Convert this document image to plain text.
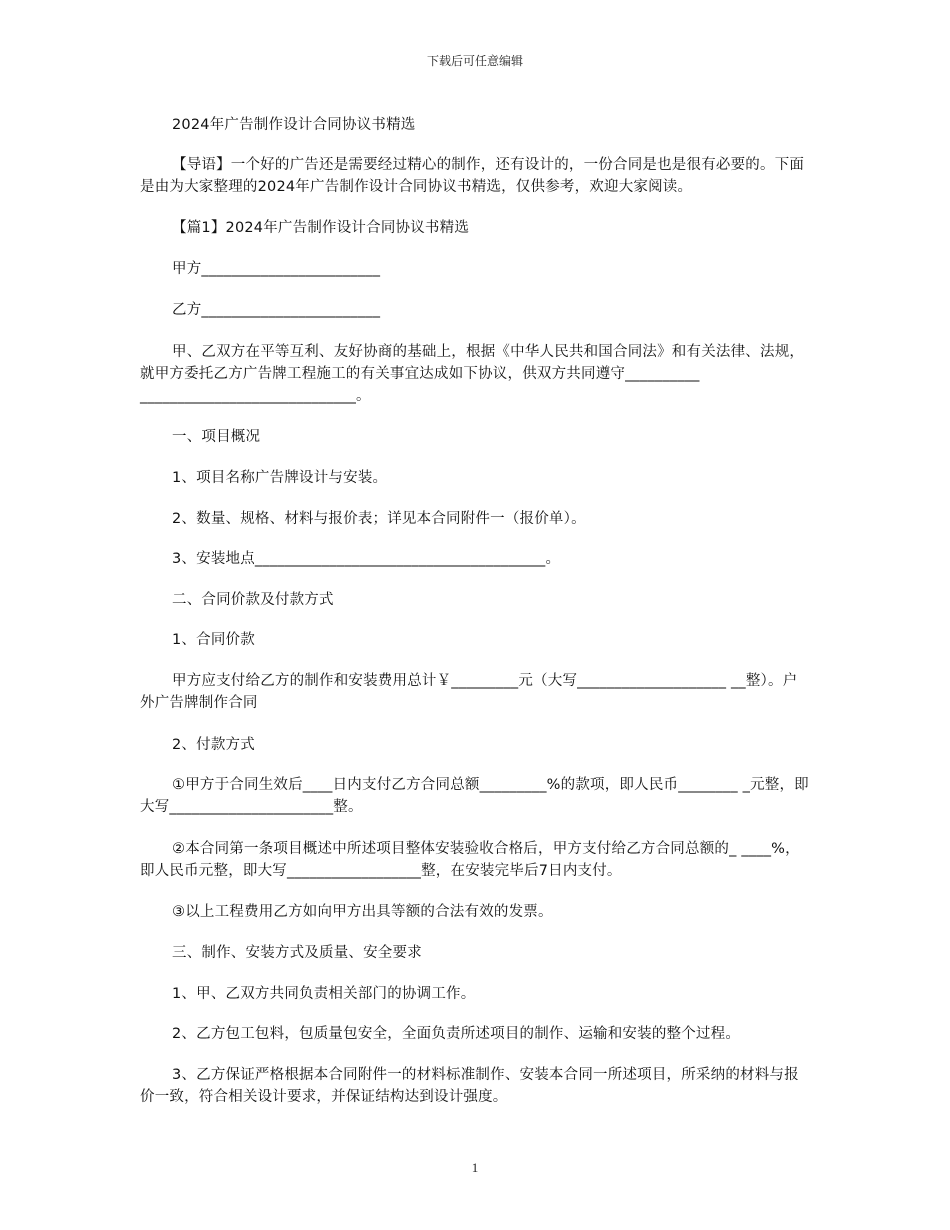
下载后可任意编辑
2024年广告制作设计合同协议书精选
【导语】一个好的广告还是需要经过精心的制作，还有设计的，一份合同是也是很有必要的。下面是由为大家整理的2024年广告制作设计合同协议书精选，仅供参考，欢迎大家阅读。
【篇1】2024年广告制作设计合同协议书精选
甲方________________________
乙方________________________
甲、乙双方在平等互利、友好协商的基础上，根据《中华人民共和国合同法》和有关法律、法规，就甲方委托乙方广告牌工程施工的有关事宜达成如下协议，供双方共同遵守__________ _____________________________。
一、项目概况
1、项目名称广告牌设计与安装。
2、数量、规格、材料与报价表；详见本合同附件一（报价单）。
3、安装地点_______________________________________。
二、合同价款及付款方式
1、合同价款
甲方应支付给乙方的制作和安装费用总计￥_________元（大写____________________ __整）。户外广告牌制作合同
2、付款方式
①甲方于合同生效后____日内支付乙方合同总额_________%的款项，即人民币________ _元整，即大写______________________整。
②本合同第一条项目概述中所述项目整体安装验收合格后，甲方支付给乙方合同总额的_ ____%，即人民币元整，即大写__________________整，在安装完毕后7日内支付。
③以上工程费用乙方如向甲方出具等额的合法有效的发票。
三、制作、安装方式及质量、安全要求
1、甲、乙双方共同负责相关部门的协调工作。
2、乙方包工包料，包质量包安全，全面负责所述项目的制作、运输和安装的整个过程。
3、乙方保证严格根据本合同附件一的材料标准制作、安装本合同一所述项目，所采纳的材料与报价一致，符合相关设计要求，并保证结构达到设计强度。
1
